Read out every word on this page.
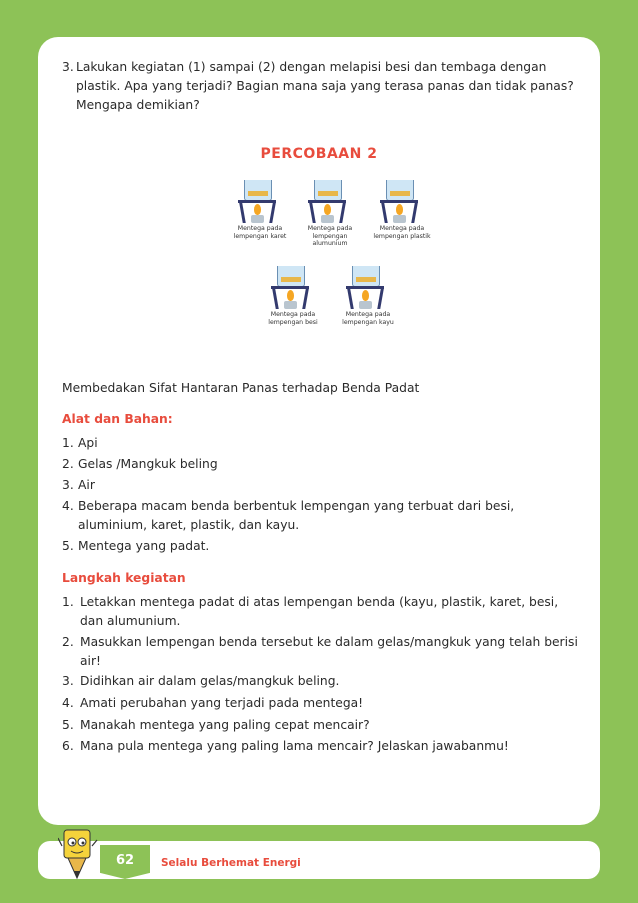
3. Lakukan kegiatan (1) sampai (2) dengan melapisi besi dan tembaga dengan plastik. Apa yang terjadi? Bagian mana saja yang terasa panas dan tidak panas? Mengapa demikian?
PERCOBAAN 2
Mentega pada lempengan karet
Mentega pada lempengan alumunium
Mentega pada lempengan plastik
Mentega pada lempengan besi
Mentega pada lempengan kayu
Membedakan Sifat Hantaran Panas terhadap Benda Padat
Alat dan Bahan:
1. Api
2. Gelas /Mangkuk beling
3. Air
4. Beberapa macam benda berbentuk lempengan yang terbuat dari besi, aluminium, karet, plastik, dan kayu.
5. Mentega yang padat.
Langkah kegiatan
1. Letakkan mentega padat di atas lempengan benda (kayu, plastik, karet, besi, dan alumunium.
2. Masukkan lempengan benda tersebut ke dalam gelas/mangkuk yang telah berisi air!
3. Didihkan air dalam gelas/mangkuk beling.
4. Amati perubahan yang terjadi pada mentega!
5. Manakah mentega yang paling cepat mencair?
6. Mana pula mentega yang paling lama mencair? Jelaskan jawabanmu!
62	Selalu Berhemat Energi
